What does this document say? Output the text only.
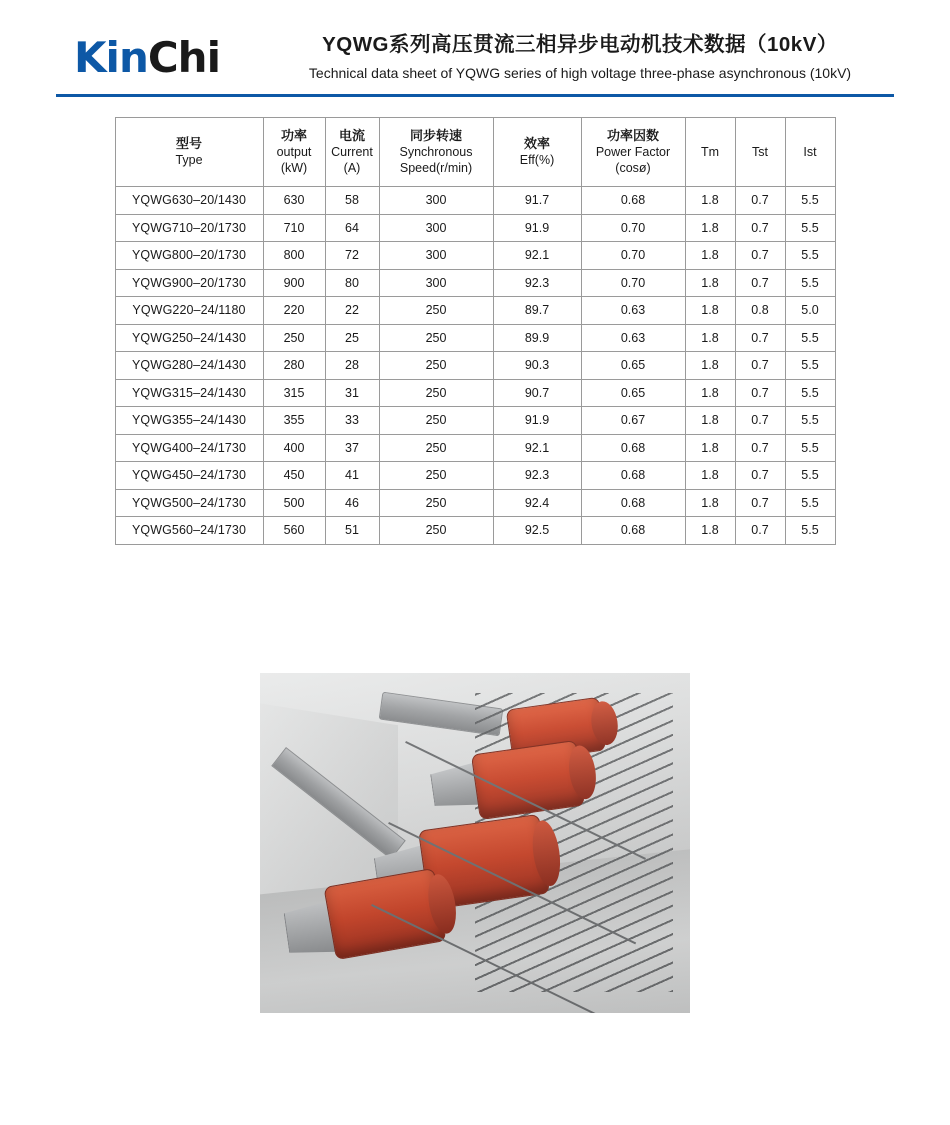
KinChi	YQWG系列高压贯流三相异步电动机技术数据（10kV）
Technical data sheet of YQWG series of high voltage three-phase asynchronous (10kV)
型号
Type	功率
output
(kW)	电流
Current
(A)	同步转速
Synchronous
Speed(r/min)	效率
Eff(%)	功率因数
Power Factor
(cosø)	Tm	Tst	Ist

YQWG630–20/1430	630	58	300	91.7	0.68	1.8	0.7	5.5
YQWG710–20/1730	710	64	300	91.9	0.70	1.8	0.7	5.5
YQWG800–20/1730	800	72	300	92.1	0.70	1.8	0.7	5.5
YQWG900–20/1730	900	80	300	92.3	0.70	1.8	0.7	5.5
YQWG220–24/1180	220	22	250	89.7	0.63	1.8	0.8	5.0
YQWG250–24/1430	250	25	250	89.9	0.63	1.8	0.7	5.5
YQWG280–24/1430	280	28	250	90.3	0.65	1.8	0.7	5.5
YQWG315–24/1430	315	31	250	90.7	0.65	1.8	0.7	5.5
YQWG355–24/1430	355	33	250	91.9	0.67	1.8	0.7	5.5
YQWG400–24/1730	400	37	250	92.1	0.68	1.8	0.7	5.5
YQWG450–24/1730	450	41	250	92.3	0.68	1.8	0.7	5.5
YQWG500–24/1730	500	46	250	92.4	0.68	1.8	0.7	5.5
YQWG560–24/1730	560	51	250	92.5	0.68	1.8	0.7	5.5
